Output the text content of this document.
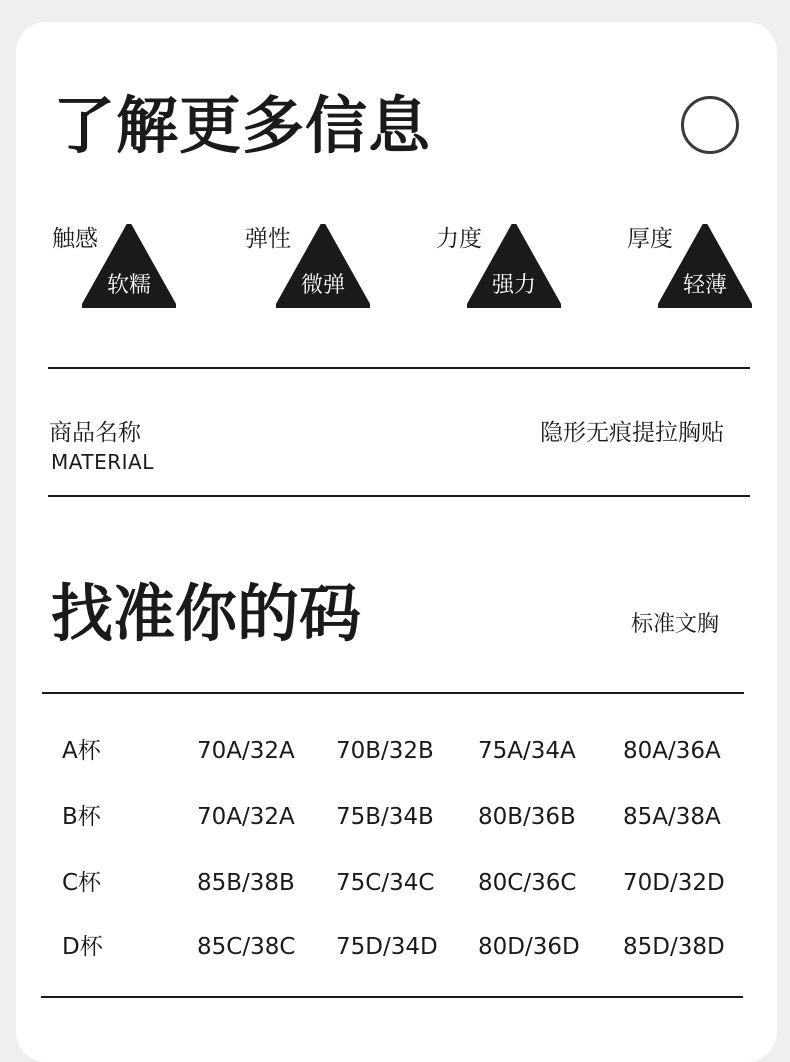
了解更多信息
触感
软糯
弹性
微弹
力度
强力
厚度
轻薄
商品名称
MATERIAL
隐形无痕提拉胸贴
找准你的码	标准文胸
A杯	70A/32A 70B/32B 75A/34A 80A/36A
B杯	70A/32A 75B/34B 80B/36B 85A/38A
C杯	85B/38B 75C/34C 80C/36C 70D/32D
D杯	85C/38C 75D/34D 80D/36D 85D/38D
